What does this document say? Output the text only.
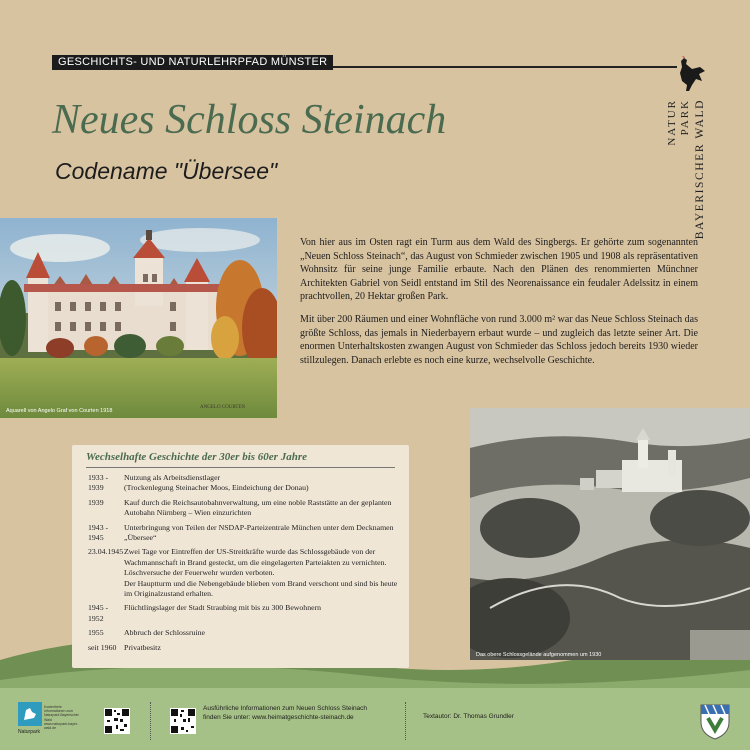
GESCHICHTS- UND NATURLEHRPFAD MÜNSTER
Neues Schloss Steinach
Codename "Übersee"
NATUR PARK BAYERISCHER WALD
ANGELO COURTEN
Aquarell von Angelo Graf von Courten 1918

Von hier aus im Osten ragt ein Turm aus dem Wald des Singbergs. Er gehörte zum sogenannten „Neuen Schloss Steinach“, das August von Schmieder zwischen 1905 und 1908 als repräsentativen Wohnsitz für seine junge Familie erbaute. Nach den Plänen des renommierten Münchner Architekten Gabriel von Seidl entstand im Stil des Neorenaissance ein feudaler Adelssitz in einem prachtvollen, 20 Hektar großen Park.

Mit über 200 Räumen und einer Wohnfläche von rund 3.000 m² war das Neue Schloss Steinach das größte Schloss, das jemals in Niederbayern erbaut wurde – und zugleich das letzte seiner Art. Die enormen Unterhaltskosten zwangen August von Schmieder das Schloss jedoch bereits 1930 wieder stillzulegen. Danach erlebte es noch eine kurze, wechselvolle Geschichte.

Wechselhafte Geschichte der 30er bis 60er Jahre
1933 - 1939
Nutzung als Arbeitsdienstlager
(Trockenlegung Steinacher Moos, Eindeichung der Donau)
1939	Kauf durch die Reichsautobahnverwaltung, um eine noble Raststätte an der geplanten Autobahn Nürnberg – Wien einzurichten
1943 - 1945
Unterbringung von Teilen der NSDAP-Parteizentrale München unter dem Decknamen „Übersee“
23.04.1945 Zwei Tage vor Eintreffen der US-Streitkräfte wurde das Schlossgebäude von der Wachmannschaft in Brand gesteckt, um die eingelagerten Parteiakten zu vernichten. Löschversuche der Feuerwehr wurden verboten.
Der Hauptturm und die Nebengebäude blieben vom Brand verschont und sind bis heute im Originalzustand erhalten.
1945 - 1952
Flüchtlingslager der Stadt Straubing mit bis zu 300 Bewohnern
1955	Abbruch der Schlossruine
seit 1960 Privatbesitz
Das obere Schlossgelände aufgenommen um 1930
Naturpark
Kostenfreie Informationen zum
Naturpark Bayerischer Wald
www.naturpark-bayer-wald.de
Ausführliche Informationen zum Neuen Schloss Steinach
finden Sie unter: www.heimatgeschichte-steinach.de	Textautor: Dr. Thomas Grundler
